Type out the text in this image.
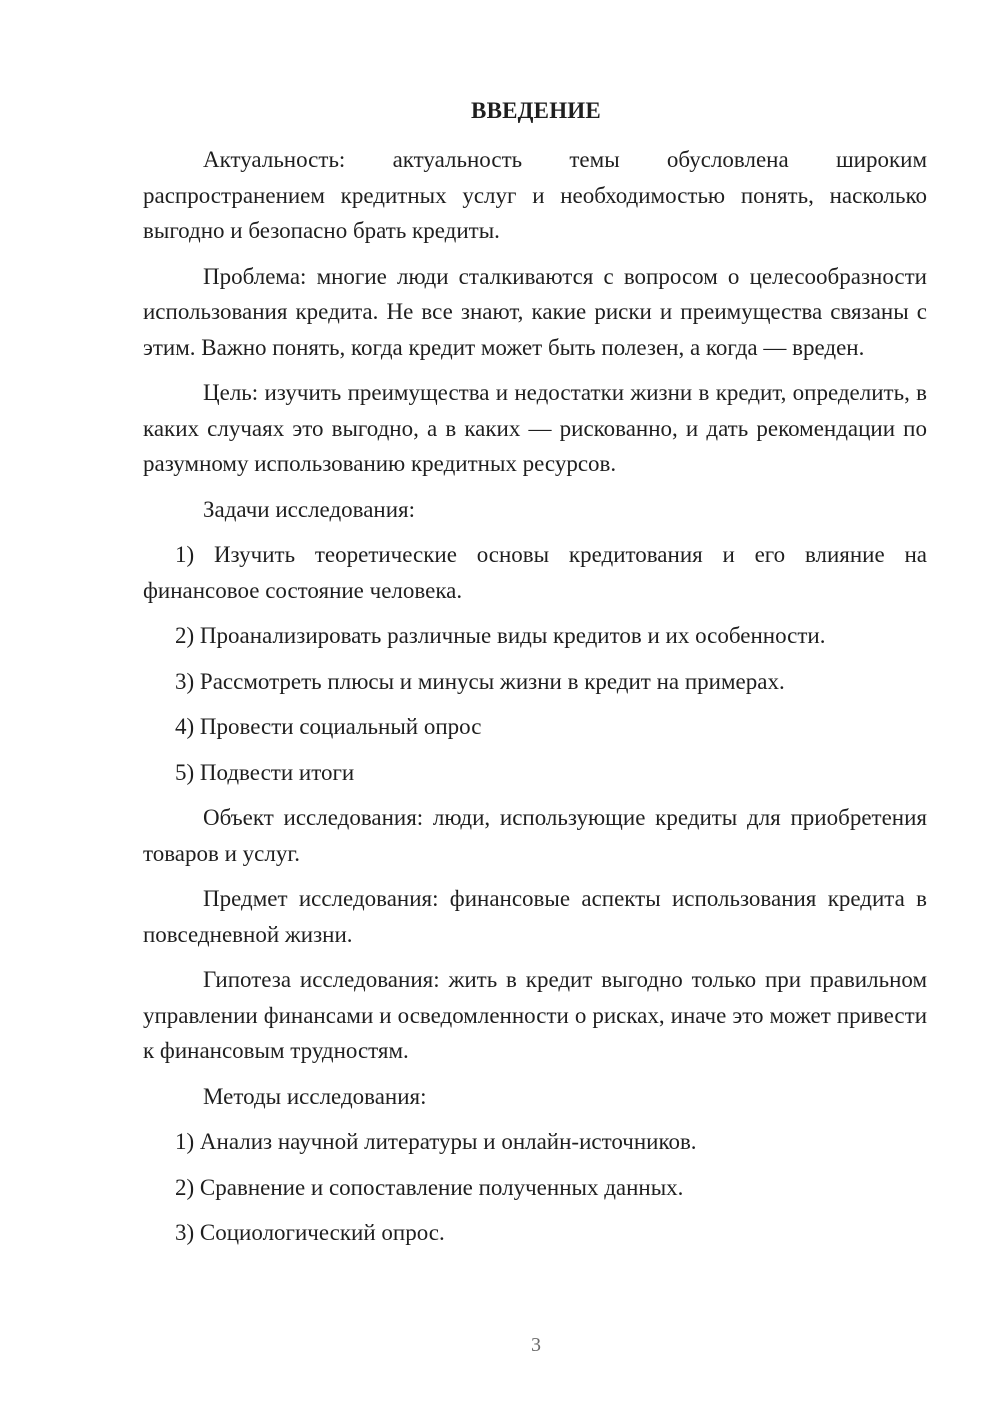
ВВЕДЕНИЕ

Актуальность: актуальность темы обусловлена широким распространением кредитных услуг и необходимостью понять, насколько выгодно и безопасно брать кредиты.

Проблема: многие люди сталкиваются с вопросом о целесообразности использования кредита. Не все знают, какие риски и преимущества связаны с этим. Важно понять, когда кредит может быть полезен, а когда — вреден.

Цель: изучить преимущества и недостатки жизни в кредит, определить, в каких случаях это выгодно, а в каких — рискованно, и дать рекомендации по разумному использованию кредитных ресурсов.

Задачи исследования:

1) Изучить теоретические основы кредитования и его влияние на финансовое состояние человека.

2) Проанализировать различные виды кредитов и их особенности.

3) Рассмотреть плюсы и минусы жизни в кредит на примерах.

4) Провести социальный опрос

5) Подвести итоги

Объект исследования: люди, использующие кредиты для приобретения товаров и услуг.

Предмет исследования: финансовые аспекты использования кредита в повседневной жизни.

Гипотеза исследования: жить в кредит выгодно только при правильном управлении финансами и осведомленности о рисках, иначе это может привести к финансовым трудностям.

Методы исследования:

1) Анализ научной литературы и онлайн-источников.

2) Сравнение и сопоставление полученных данных.

3) Социологический опрос.

3
